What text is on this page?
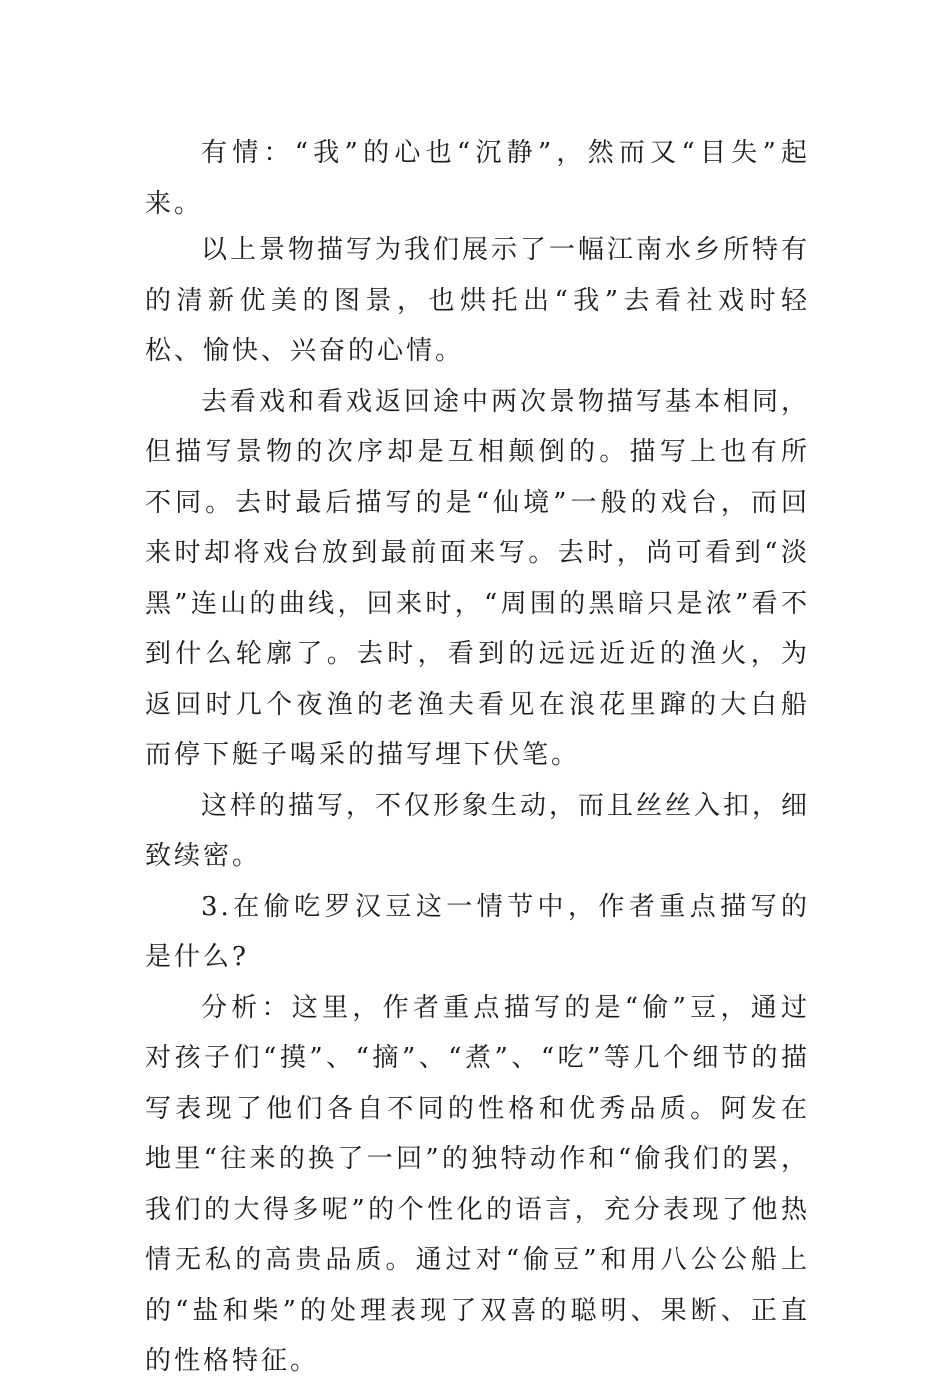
有情：“我”的心也“沉静”，然而又“目失”起来。

以上景物描写为我们展示了一幅江南水乡所特有的清新优美的图景，也烘托出“我”去看社戏时轻松、愉快、兴奋的心情。

去看戏和看戏返回途中两次景物描写基本相同，但描写景物的次序却是互相颠倒的。描写上也有所不同。去时最后描写的是“仙境”一般的戏台，而回来时却将戏台放到最前面来写。去时，尚可看到“淡黑”连山的曲线，回来时，“周围的黑暗只是浓”看不到什么轮廓了。去时，看到的远远近近的渔火，为返回时几个夜渔的老渔夫看见在浪花里蹿的大白船而停下艇子喝采的描写埋下伏笔。

这样的描写，不仅形象生动，而且丝丝入扣，细致续密。

3.在偷吃罗汉豆这一情节中，作者重点描写的是什么?

分析：这里，作者重点描写的是“偷”豆，通过对孩子们“摸”、“摘”、“煮”、“吃”等几个细节的描写表现了他们各自不同的性格和优秀品质。阿发在地里“往来的换了一回”的独特动作和“偷我们的罢，我们的大得多呢”的个性化的语言，充分表现了他热情无私的高贵品质。通过对“偷豆”和用八公公船上的“盐和柴”的处理表现了双喜的聪明、果断、正直的性格特征。
